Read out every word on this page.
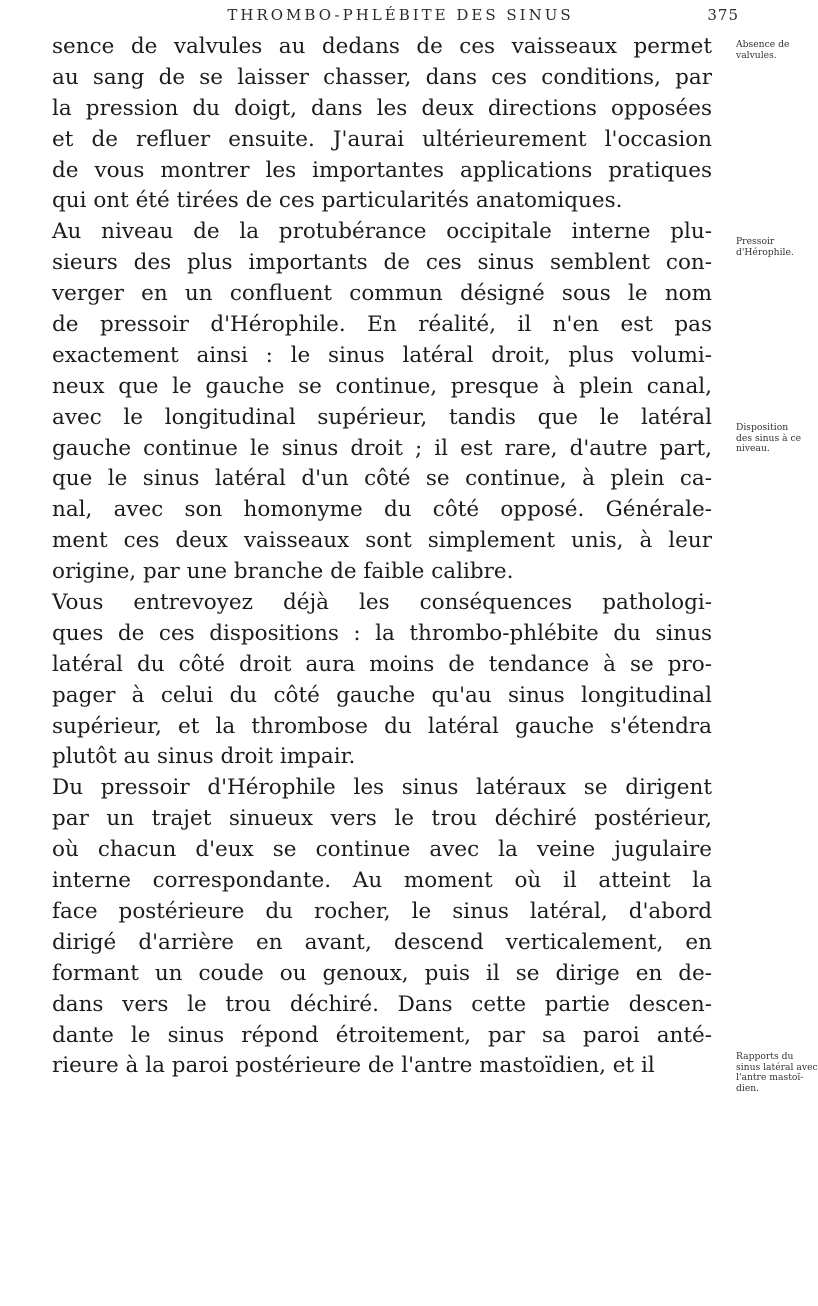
THROMBO-PHLÉBITE DES SINUS	375
sence de valvules au dedans de ces vaisseaux permet
au sang de se laisser chasser, dans ces conditions, par
la pression du doigt, dans les deux directions opposées
et de refluer ensuite. J'aurai ultérieurement l'occasion
de vous montrer les importantes applications pratiques
qui ont été tirées de ces particularités anatomiques.
Au niveau de la protubérance occipitale interne plu-
sieurs des plus importants de ces sinus semblent con-
verger en un confluent commun désigné sous le nom
de pressoir d'Hérophile. En réalité, il n'en est pas
exactement ainsi : le sinus latéral droit, plus volumi-
neux que le gauche se continue, presque à plein canal,
avec le longitudinal supérieur, tandis que le latéral
gauche continue le sinus droit ; il est rare, d'autre part,
que le sinus latéral d'un côté se continue, à plein ca-
nal, avec son homonyme du côté opposé. Générale-
ment ces deux vaisseaux sont simplement unis, à leur
origine, par une branche de faible calibre.
Vous entrevoyez déjà les conséquences pathologi-
ques de ces dispositions : la thrombo-phlébite du sinus
latéral du côté droit aura moins de tendance à se pro-
pager à celui du côté gauche qu'au sinus longitudinal
supérieur, et la thrombose du latéral gauche s'étendra
plutôt au sinus droit impair.
Du pressoir d'Hérophile les sinus latéraux se dirigent
par un trajet sinueux vers le trou déchiré postérieur,
où chacun d'eux se continue avec la veine jugulaire
interne correspondante. Au moment où il atteint la
face postérieure du rocher, le sinus latéral, d'abord
dirigé d'arrière en avant, descend verticalement, en
formant un coude ou genoux, puis il se dirige en de-
dans vers le trou déchiré. Dans cette partie descen-
dante le sinus répond étroitement, par sa paroi anté-
rieure à la paroi postérieure de l'antre mastoïdien, et il
Absence de
valvules.
Pressoir
d'Hérophile.
Disposition
des sinus à ce
niveau.
Rapports du
sinus latéral avec
l'antre mastoï-
dien.
